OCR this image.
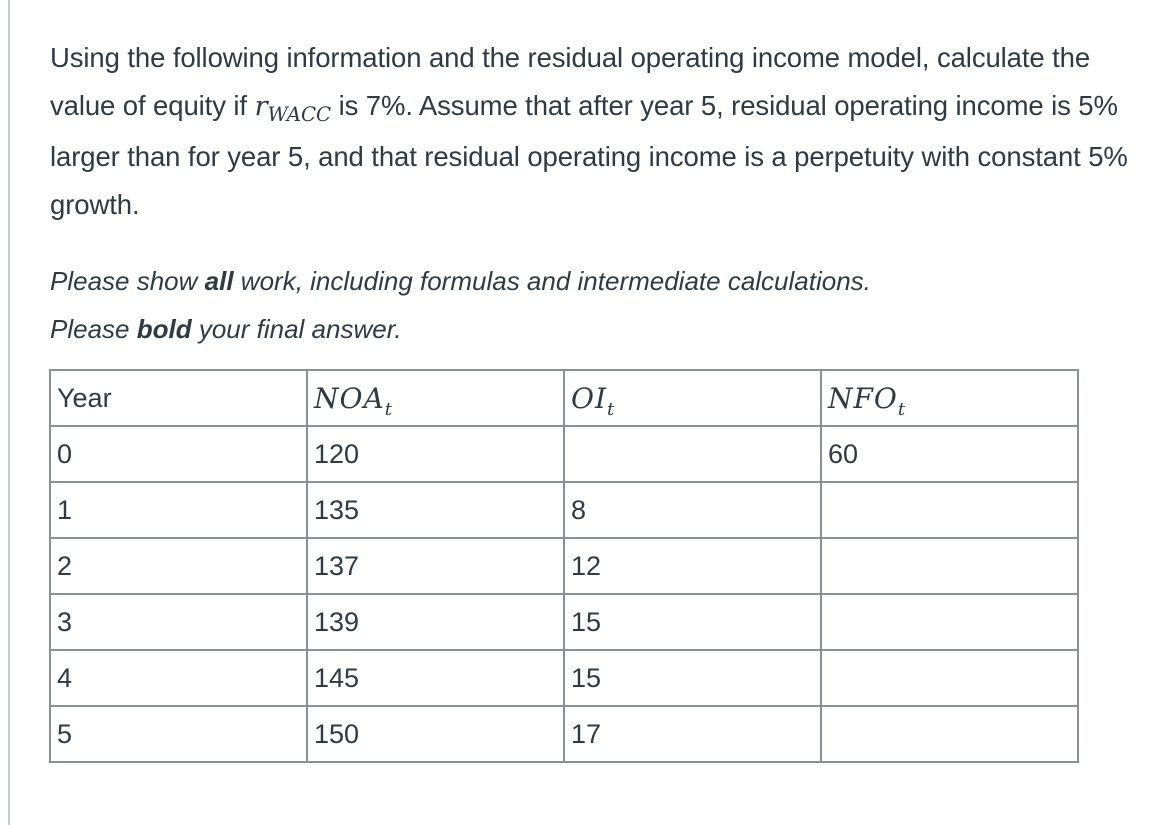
Using the following information and the residual operating income model, calculate the value of equity if $r_{WACC}$ is 7%. Assume that after year 5, residual operating income is 5% larger than for year 5, and that residual operating income is a perpetuity with constant 5% growth.

Please show all work, including formulas and intermediate calculations.
Please bold your final answer.

Year	$NOA_t$	$OI_t$	$NFO_t$
0	120		60
1	135	8	
2	137	12	
3	139	15	
4	145	15	
5	150	17	
